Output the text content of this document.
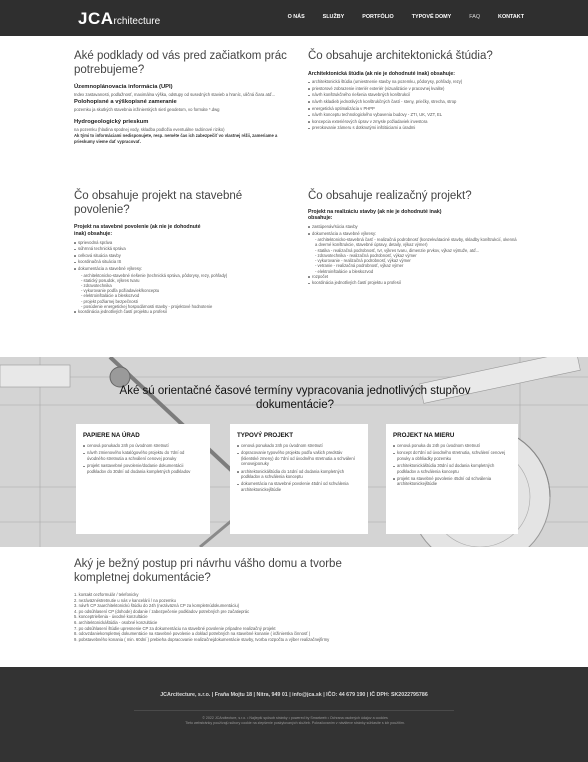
JCArchitecture	O NÁS	SLUŽBY	PORTFÓLIO	TYPOVÉ DOMY	FAQ	KONTAKT
Aké podklady od vás pred začiatkom prác potrebujeme?
Územnoplánovacia informácia (UPI)
Index zastavanosti, podlažnosť, maximálna výška, odstupy od susedných stavieb a hraníc, uličná čiara atď...
Polohopisné a výškopisné zameranie
pozemku ja skutkých stavebnia inžinierských sietí geodetom, vo formáte *.dwg
Hydrogeologický prieskum
na pozemku (hladina spodnej vody, skladba podložia eventuálne radónové riziko)
Ak tými to informáciami nedisponujete, resp. neméte čas ich zabezpečiť vo vlastnej réžii, zameriame a prieskumy vieme dať vypracovať.
Čo obsahuje architektonická štúdia?
Architektonická štúdia (ak nie je dohodnuté inak) obsahuje:
architektonická štúdia (umiestnenie stavby na pozemku, pôdorysy, pohľady, rezy)
priestorové zobrazenie interiér exteriér (vizualizácie v pracovnej kvalite)
návrh konštrukčného riešenia stavebných konštrukcií
návrh skladieb jednotlivých konštrukčných častí - steny, priečky, strecha, strop
energetická optimalizácia v PHPP
návrh konceptu technologického vybavenia budovy - ZTI, UK, VZT, EL
koncepcia exteriérových úprav v zmysle požiadaviek investora
prerokovanie zámeru s dotknutými inštitúciami a úradmi
Čo obsahuje projekt na stavebné povolenie?
Projekt na stavebné povolenie (ak nie je dohodnuté inak) obsahuje:
sprievodná správa
súhrnná technická správa
celková situácia stavby
koordinačná situácia IS
dokumentácia a stavebné výkresy:
- architektonicko-stavebné riešenie (technická správa, pôdorysy, rezy, pohľady)
- statický posudok, výkres tvaru
- zdravotechnika
- vykurovanie podľa požiadaviek/konceptu
- elektroinštalácie a bleskozvod
- projekt požiarnej bezpečnosti
- posúdenie energetickej hospodárnosti stavby - projektové hodnotenie
koordinácia jednotlivých častí projektu a profesií
Čo obsahuje realizačný projekt?
Projekt na realizáciu stavby (ak nie je dohodnuté inak) obsahuje:
zastúpenáv/súcia stavby
dokumentácia a stavebné výkresy:
- architektonicko-stavebná časť - realizačná podrobnosť (konzekvátaciné stavby, skladby konštrukcií, okenná a dverné konštrukcie, stavebné úpravy, detaily, výkaz výmer)
- statika - realizačná podrobnosť, tvr, výkres tvaru, dimenzie prvkov, výkaz výstuže, atď...
- zdravotechnika - realizačná podrobnosť, výkaz výmer
- vykurovanie - realizačná podrobnosť, výkaz výmer
- vetranie - realizačná podrobnosť, výkaz výmer
- elektroinštalácie a bleskozvod
rozpočet
koordinácia jednotlivých častí projektu a profesií
Aké sú orientačné časové termíny vypracovania jednotlivých stupňov dokumentácie?
PAPIERE NA ÚRAD
cenová ponukado 24h po úvodnom stretnutí
návrh zmienového katalógového projektu do 7dní od úvodného stretnutia a schválení cenovej ponuky
projekt nastavebné povolenie/dodanie dokumentácii podkladov do 30dní od dodania kompletných podkladov
TYPOVÝ PROJEKT
cenová ponukado 24h po úvodnom stretnutí
dopracovanie typového projektu podľa vašich predstáv (klientské zmeny) do 7dní od úvodného stretnutia a schválení cenovejponuky
architektonickáštúdia do 14dní od dodania kompletných podkladov a schválenia konceptu
dokumentácia na stavebné povolenie 45dní od schválenia architektonickejštúdie
PROJEKT NA MIERU
cenová ponuka do 24h po úvodnom stretnutí
koncept do7dní od úvodného stretnutia, schválení cenovej ponuky a obhliadky pozemku
architektonickáštúdia 30dní od dodania kompletných podkladov a schválenia konceptu
projekt na stavebné povolenie 45dní od schválenia architektonickejštúdie
Aký je bežný postup pri návrhu vášho domu a tvorbe kompletnej dokumentácie?
1. kontakt cezformulár / telefonicky
2. nezáväznéstretnutie u nás v kancelárii / na pozemku
3. návrh CP zaarchitektonickú štúdiu do 24h (nezáväzná CP za kompletnúdokumentáciu)
4. po odsúhlasení CP (dohode) dodanie / zabezpečenie podkladov potrebných pre začatieprác
5. konceptriešenia - úvodné konzultácie
6. architektonickáštúdia - osobné konzultácie
7. po odsúhlasení štúdie upresnenie CP za dokumentáciu na stavebné povolenie prípadne realizačný projekt
8. odovzdaniekompletnej dokumentácie na stavebné povolenie a doklad potrebných na stavebné konanie ( inžinierska činnosť )
9. pobstavebného konania ( min. 60dní ) prebieha dopracovanie realizačnejdokumentácie stavby, tvorba rozpočtu a výber realizačnejfirmy
JCArcitecture, s.r.o. | Fraňa Mojtu 18 | Nitra, 949 01 | info@jca.sk | IČO: 44 679 190 | IČ DPH: SK2022795786
© 2022 JCArcitecture, s.r.o. • Najlepší spôsob stránky • powered by Smartweb • Ochrana osobných údajov a cookies
Tieto webstránky používajú súbory cookie na zlepšenie poskytovaných služieb. Pokračovaním v návšteve stránky súhlasíte s ich použitím.
